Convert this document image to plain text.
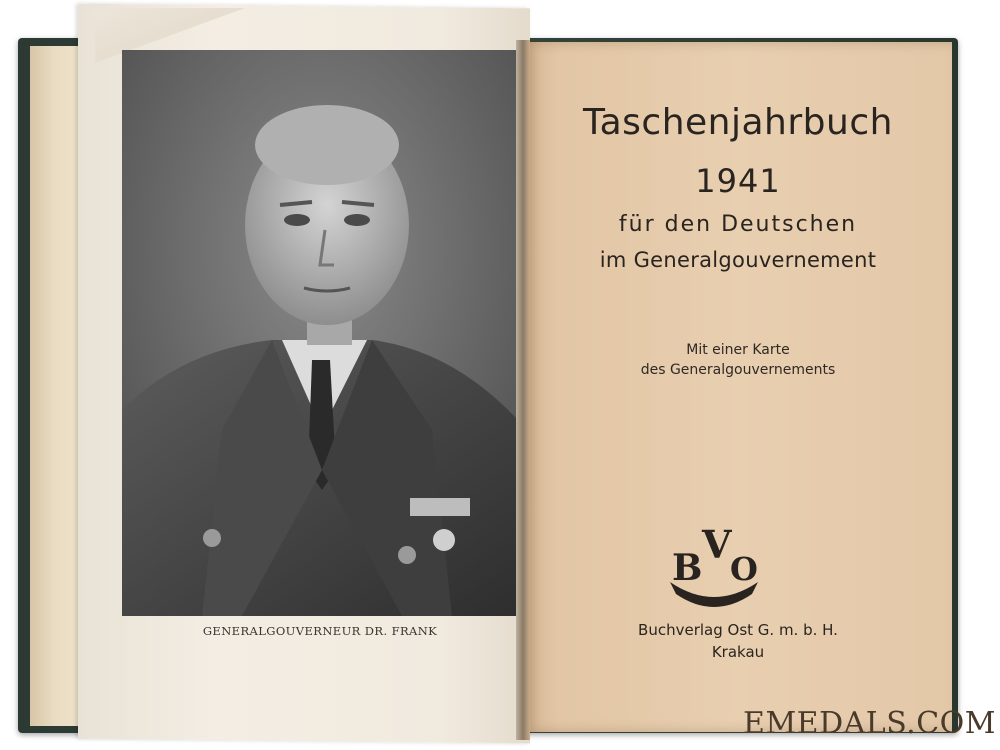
GENERALGOUVERNEUR DR. FRANK
Taschenjahrbuch
1941
für den Deutschen
im Generalgouvernement
Mit einer Karte
des Generalgouvernements
B
V
O
Buchverlag Ost G. m. b. H.
Krakau
EMEDALS.COM
